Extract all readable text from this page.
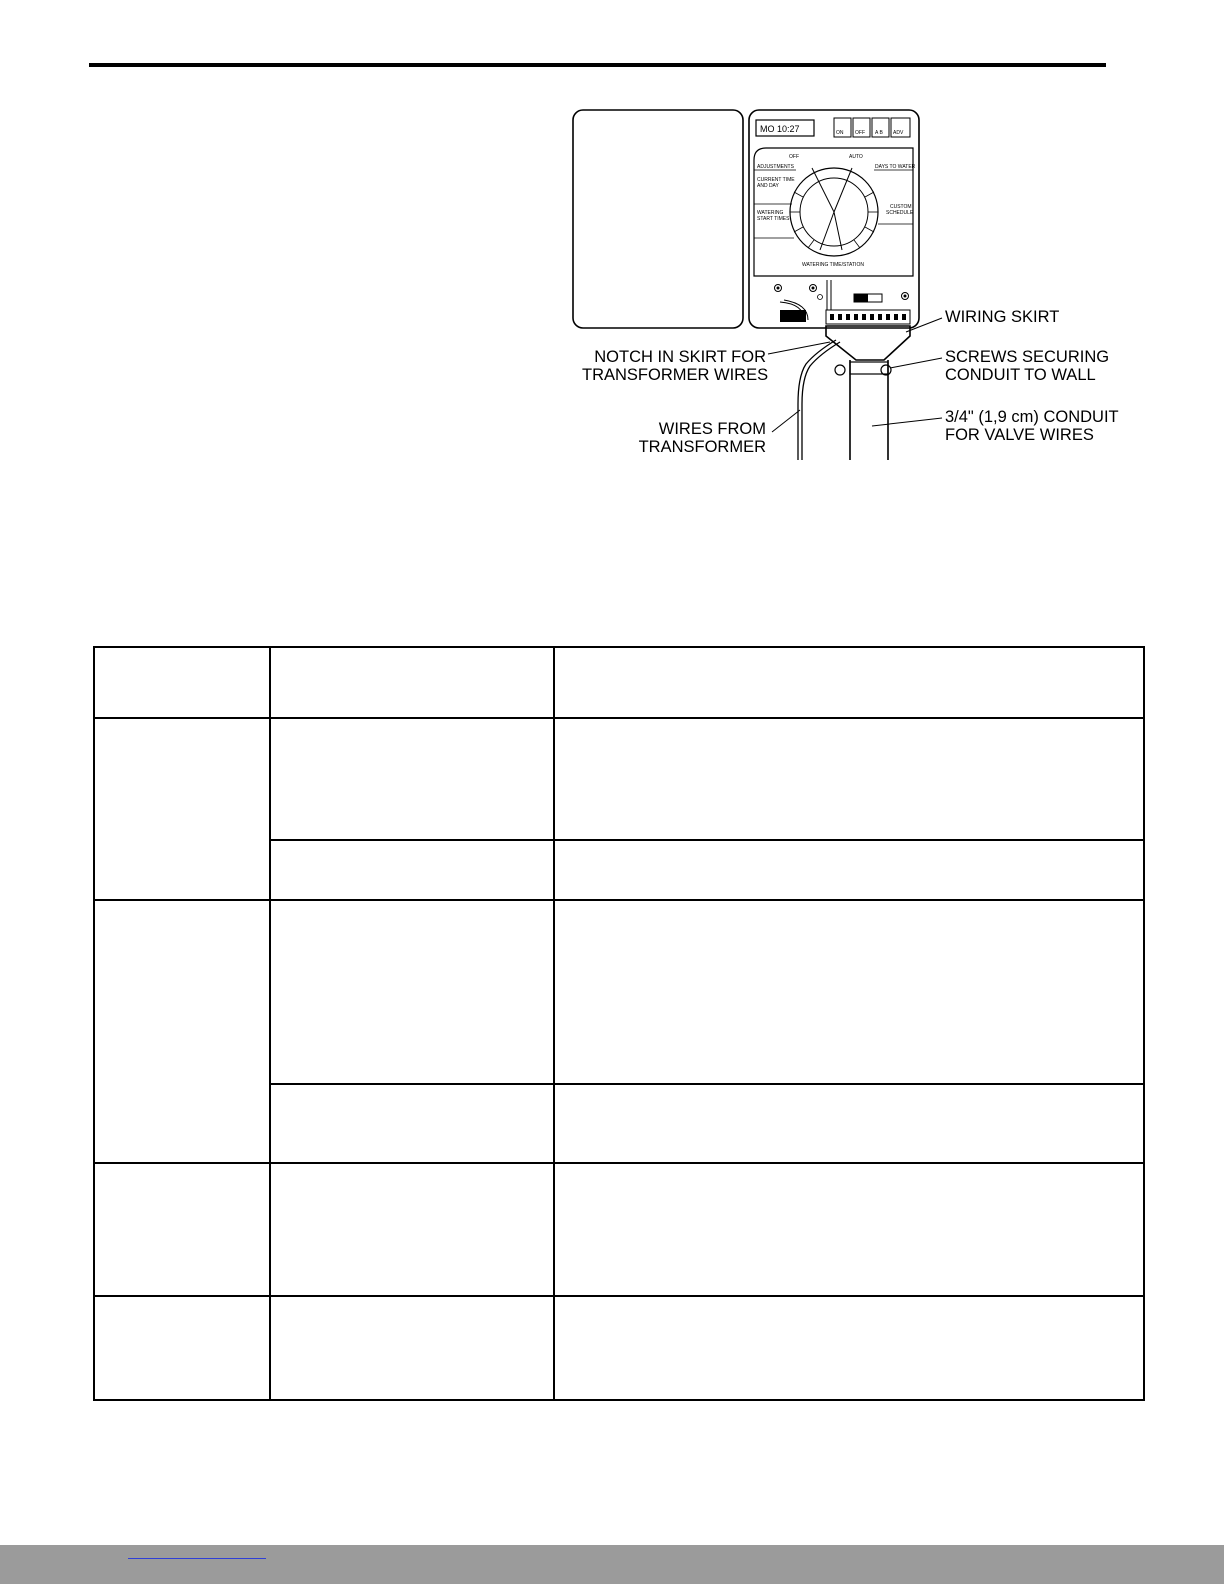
MO 10:27	ON OFF A B ADV
OFF	AUTO
ADJUSTMENTS
CURRENT TIME
AND DAY
WATERING
START TIMES
DAYS TO WATER
CUSTOM
SCHEDULE
WATERING TIME/STATION
WIRING SKIRT
NOTCH IN SKIRT FOR
TRANSFORMER WIRES
SCREWS SECURING
CONDUIT TO WALL
WIRES FROM
TRANSFORMER
3/4" (1,9 cm) CONDUIT
FOR VALVE WIRES
